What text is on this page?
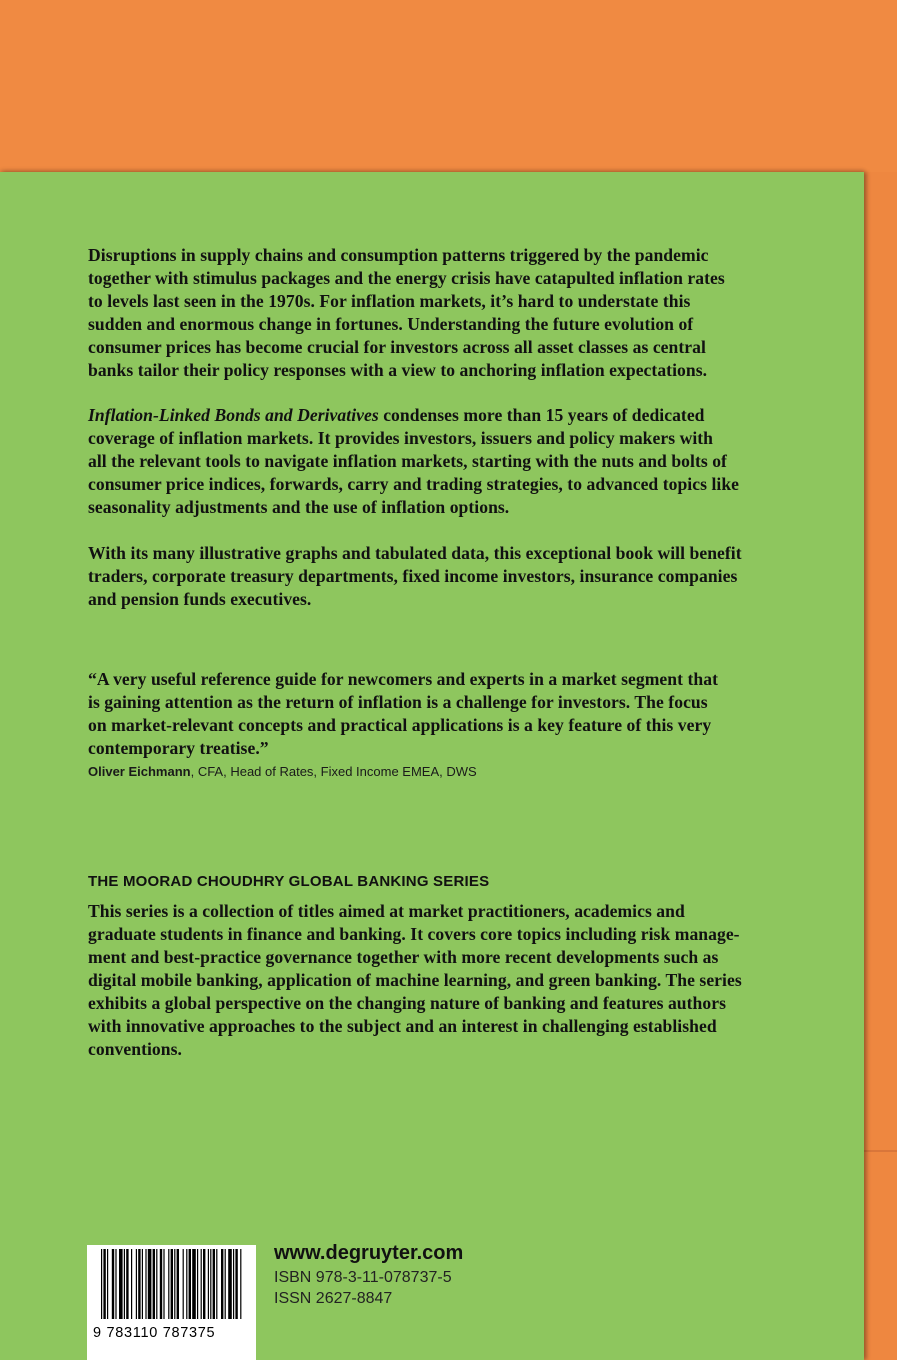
Disruptions in supply chains and consumption patterns triggered by the pandemic
together with stimulus packages and the energy crisis have catapulted inflation rates
to levels last seen in the 1970s. For inflation markets, it’s hard to understate this
sudden and enormous change in fortunes. Understanding the future evolution of
consumer prices has become crucial for investors across all asset classes as central
banks tailor their policy responses with a view to anchoring inflation expectations.
Inflation-Linked Bonds and Derivatives condenses more than 15 years of dedicated
coverage of inflation markets. It provides investors, issuers and policy makers with
all the relevant tools to navigate inflation markets, starting with the nuts and bolts of
consumer price indices, forwards, carry and trading strategies, to advanced topics like
seasonality adjustments and the use of inflation options.
With its many illustrative graphs and tabulated data, this exceptional book will benefit
traders, corporate treasury departments, fixed income investors, insurance companies
and pension funds executives.
“A very useful reference guide for newcomers and experts in a market segment that
is gaining attention as the return of inflation is a challenge for investors. The focus
on market-relevant concepts and practical applications is a key feature of this very
contemporary treatise.”
Oliver Eichmann, CFA, Head of Rates, Fixed Income EMEA, DWS
THE MOORAD CHOUDHRY GLOBAL BANKING SERIES
This series is a collection of titles aimed at market practitioners, academics and
graduate students in finance and banking. It covers core topics including risk manage-
ment and best-practice governance together with more recent developments such as
digital mobile banking, application of machine learning, and green banking. The series
exhibits a global perspective on the changing nature of banking and features authors
with innovative approaches to the subject and an interest in challenging established
conventions.
9 783110 787375
www.degruyter.com
ISBN 978-3-11-078737-5
ISSN 2627-8847
